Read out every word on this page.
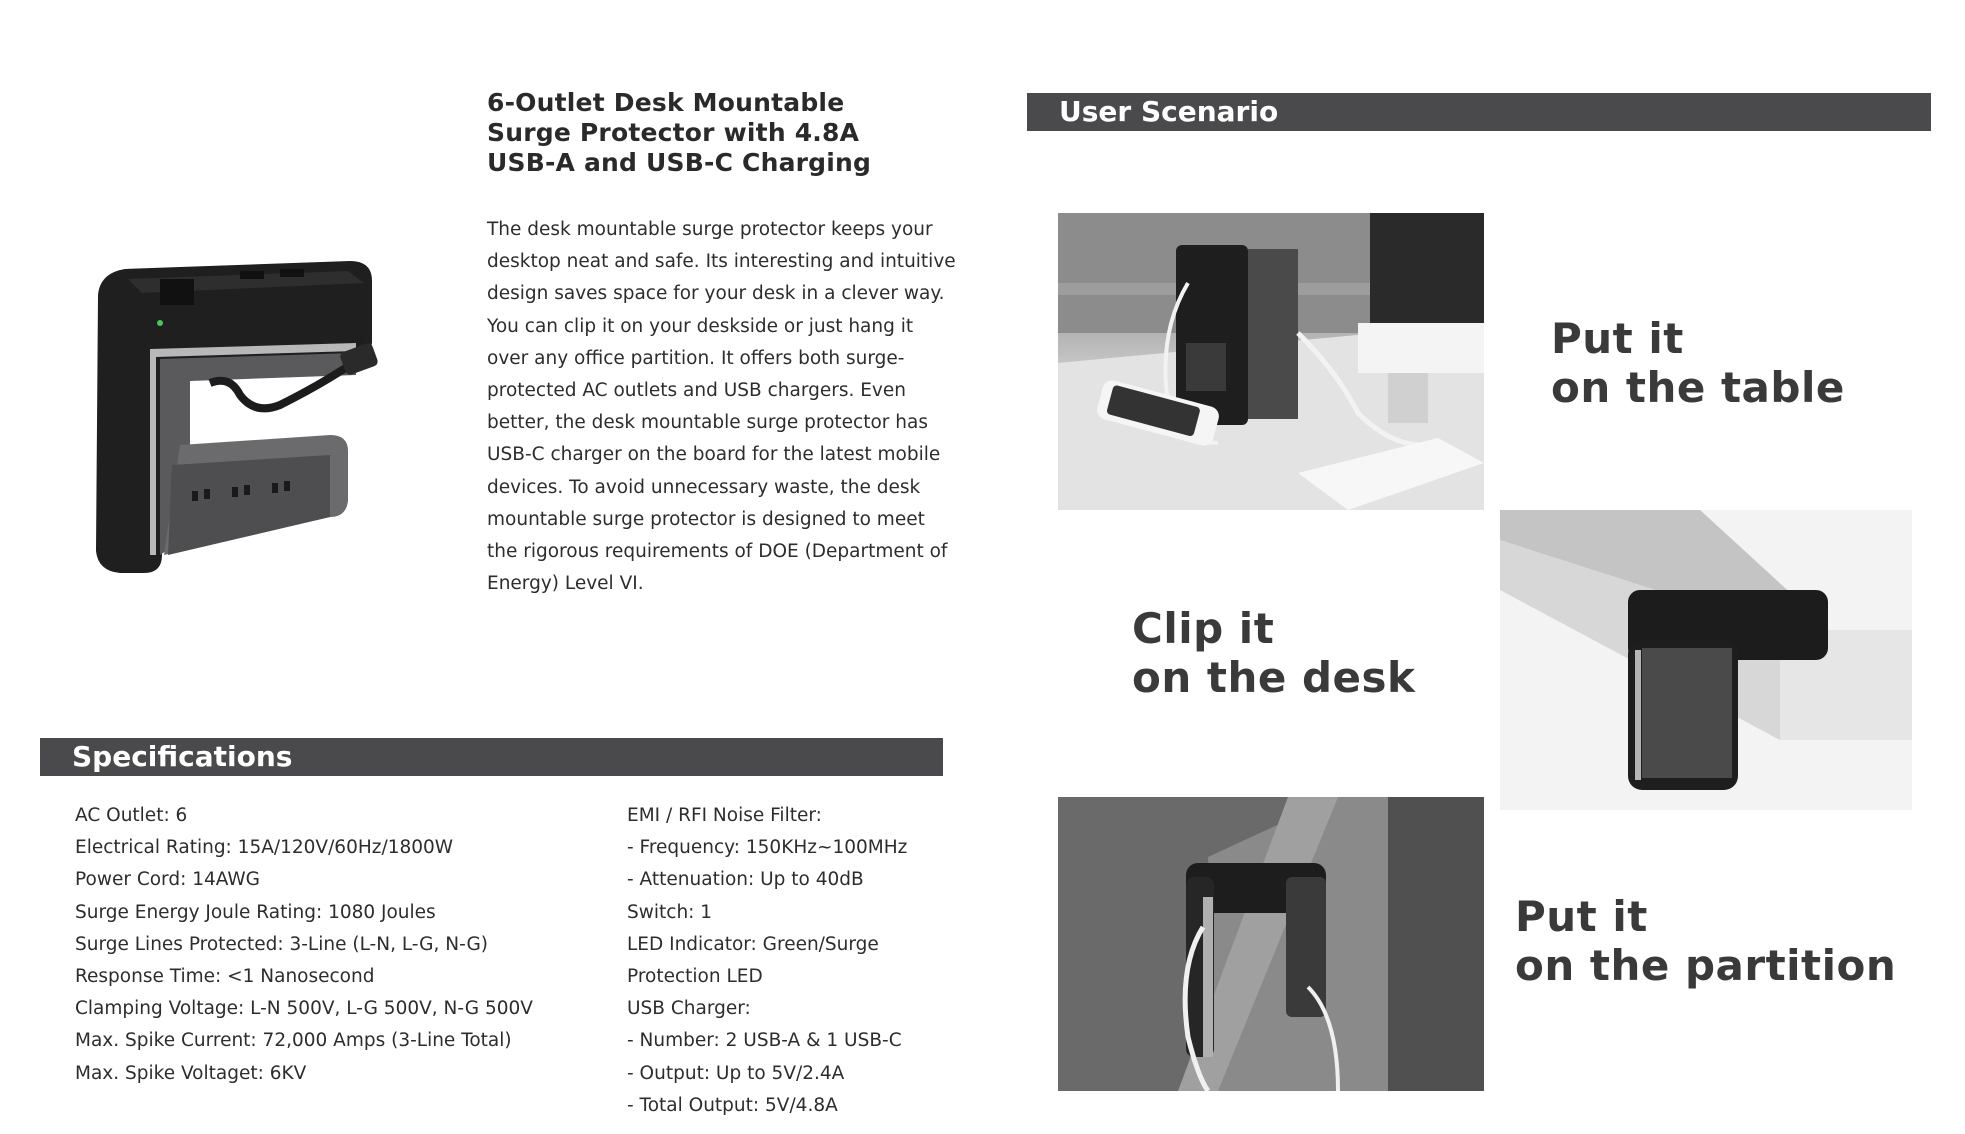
6-Outlet Desk Mountable Surge Protector with 4.8A USB-A and USB-C Charging
The desk mountable surge protector keeps your desktop neat and safe. Its interesting and intuitive design saves space for your desk in a clever way. You can clip it on your deskside or just hang it over any office partition. It offers both surge-protected AC outlets and USB chargers. Even better, the desk mountable surge protector has USB-C charger on the board for the latest mobile devices. To avoid unnecessary waste, the desk mountable surge protector is designed to meet the rigorous requirements of DOE (Department of Energy) Level VI.
Specifications
AC Outlet: 6
Electrical Rating: 15A/120V/60Hz/1800W
Power Cord: 14AWG
Surge Energy Joule Rating: 1080 Joules
Surge Lines Protected: 3-Line (L-N, L-G, N-G)
Response Time: <1 Nanosecond
Clamping Voltage: L-N 500V, L-G 500V, N-G 500V
Max. Spike Current: 72,000 Amps (3-Line Total)
Max. Spike Voltaget: 6KV
EMI / RFI Noise Filter:
- Frequency: 150KHz~100MHz
- Attenuation: Up to 40dB
Switch: 1
LED Indicator: Green/Surge
Protection LED
USB Charger:
- Number: 2 USB-A & 1 USB-C
- Output: Up to 5V/2.4A
- Total Output: 5V/4.8A
User Scenario
Put it
on the table
Clip it
on the desk
Put it
on the partition
